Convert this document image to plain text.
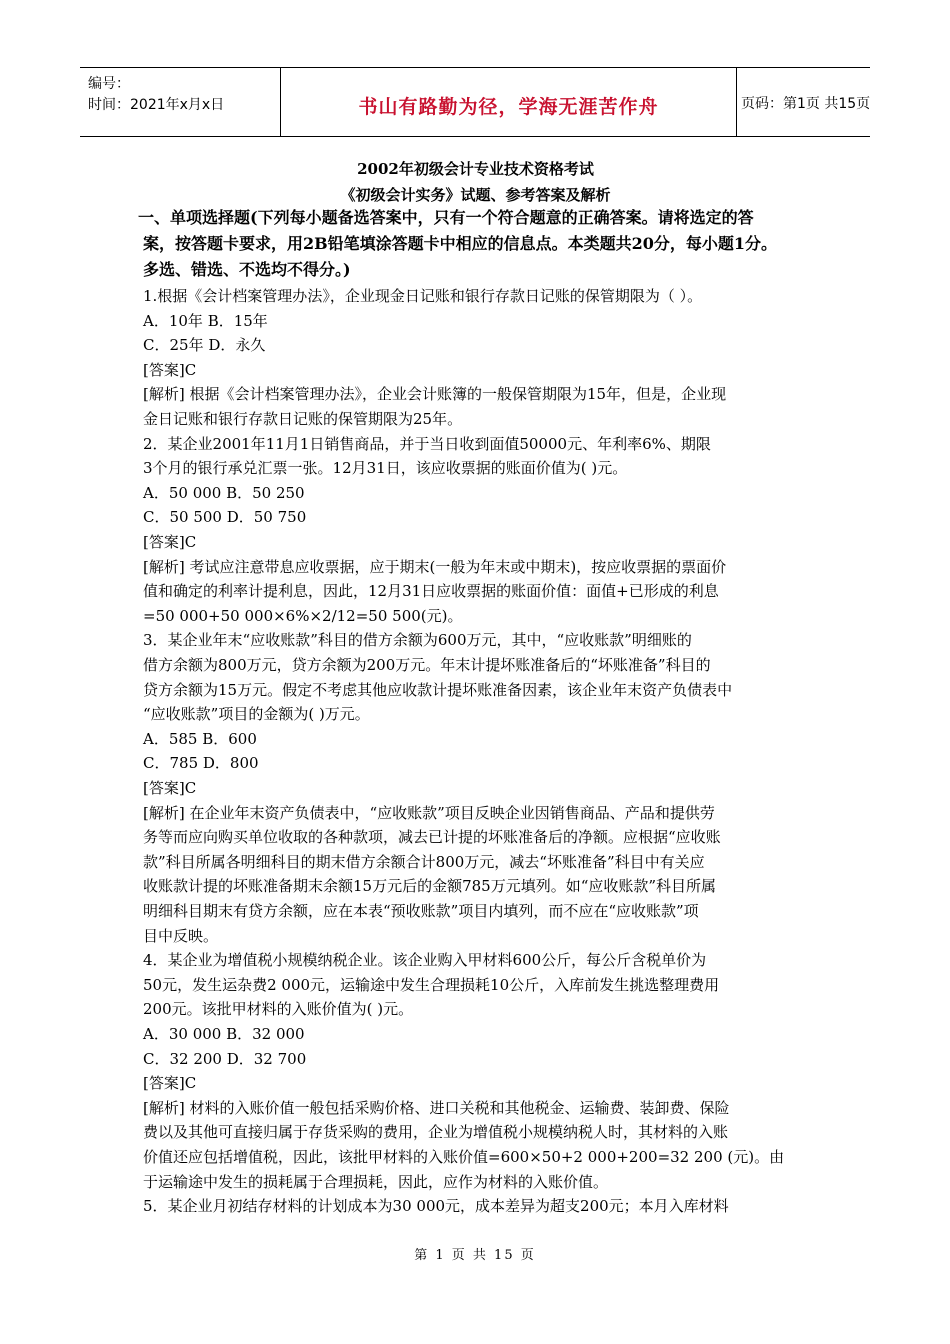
编号：
时间：2021年x月x日	书山有路勤为径，学海无涯苦作舟	页码：第1页 共15页
2002年初级会计专业技术资格考试
《初级会计实务》试题、参考答案及解析
一、单项选择题(下列每小题备选答案中，只有一个符合题意的正确答案。请将选定的答
案，按答题卡要求，用2B铅笔填涂答题卡中相应的信息点。本类题共20分，每小题1分。
多选、错选、不选均不得分。)
1.根据《会计档案管理办法》，企业现金日记账和银行存款日记账的保管期限为（ ）。
A．10年 B．15年
C．25年 D．永久
[答案]C
[解析] 根据《会计档案管理办法》，企业会计账簿的一般保管期限为15年，但是，企业现
金日记账和银行存款日记账的保管期限为25年。
2．某企业2001年11月1日销售商品，并于当日收到面值50000元、年利率6%、期限
3个月的银行承兑汇票一张。12月31日，该应收票据的账面价值为( )元。
A．50 000 B．50 250
C．50 500 D．50 750
[答案]C
[解析] 考试应注意带息应收票据，应于期末(一般为年末或中期末)，按应收票据的票面价
值和确定的利率计提利息，因此，12月31日应收票据的账面价值：面值+已形成的利息
=50 000+50 000×6%×2/12=50 500(元)。
3．某企业年末“应收账款”科目的借方余额为600万元，其中，“应收账款”明细账的
借方余额为800万元，贷方余额为200万元。年末计提坏账准备后的“坏账准备”科目的
贷方余额为15万元。假定不考虑其他应收款计提坏账准备因素，该企业年末资产负债表中
“应收账款”项目的金额为( )万元。
A．585 B．600
C．785 D．800
[答案]C
[解析] 在企业年末资产负债表中，“应收账款”项目反映企业因销售商品、产品和提供劳
务等而应向购买单位收取的各种款项，减去已计提的坏账准备后的净额。应根据“应收账
款”科目所属各明细科目的期末借方余额合计800万元，减去“坏账准备”科目中有关应
收账款计提的坏账准备期末余额15万元后的金额785万元填列。如“应收账款”科目所属
明细科目期末有贷方余额，应在本表“预收账款”项目内填列，而不应在“应收账款”项
目中反映。
4．某企业为增值税小规模纳税企业。该企业购入甲材料600公斤，每公斤含税单价为
50元，发生运杂费2 000元，运输途中发生合理损耗10公斤，入库前发生挑选整理费用
200元。该批甲材料的入账价值为( )元。
A．30 000 B．32 000
C．32 200 D．32 700
[答案]C
[解析] 材料的入账价值一般包括采购价格、进口关税和其他税金、运输费、装卸费、保险
费以及其他可直接归属于存货采购的费用，企业为增值税小规模纳税人时，其材料的入账
价值还应包括增值税，因此，该批甲材料的入账价值=600×50+2 000+200=32 200 (元)。由
于运输途中发生的损耗属于合理损耗，因此，应作为材料的入账价值。
5．某企业月初结存材料的计划成本为30 000元，成本差异为超支200元；本月入库材料
第 1 页 共 15 页
